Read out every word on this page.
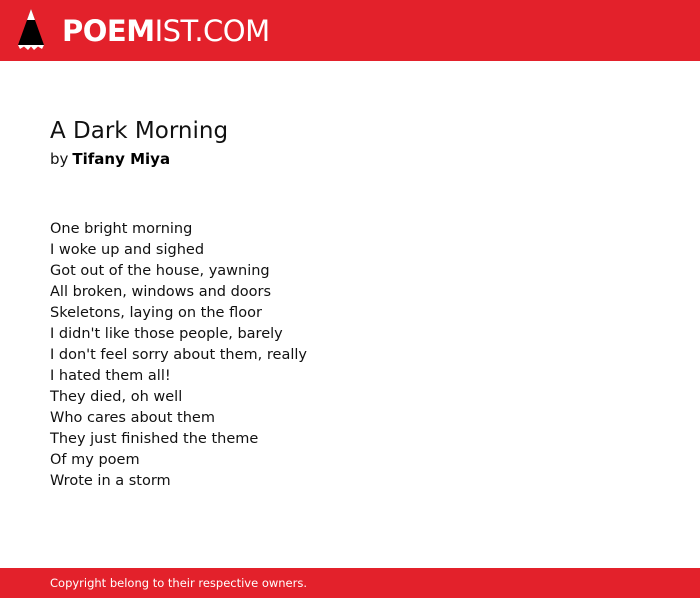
POEMIST.COM
A Dark Morning
by Tifany Miya
One bright morning
I woke up and sighed
Got out of the house, yawning
All broken, windows and doors
Skeletons, laying on the floor
I didn't like those people, barely
I don't feel sorry about them, really
I hated them all!
They died, oh well
Who cares about them
They just finished the theme
Of my poem
Wrote in a storm
Copyright belong to their respective owners.
